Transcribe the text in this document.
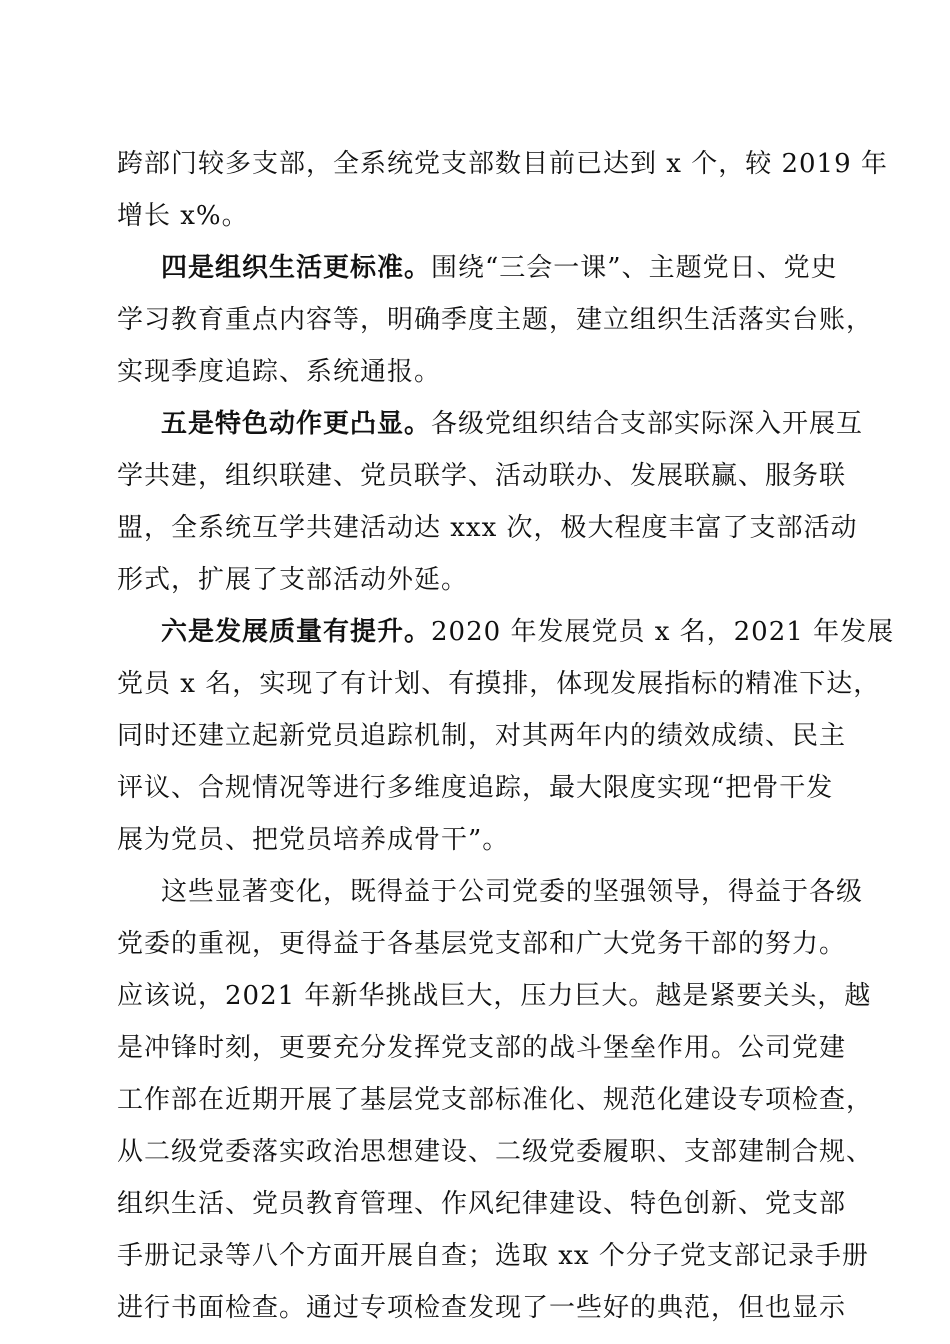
跨部门较多支部，全系统党支部数目前已达到 x 个，较 2019 年
增长 x%。
四是组织生活更标准。围绕“三会一课”、主题党日、党史
学习教育重点内容等，明确季度主题，建立组织生活落实台账，
实现季度追踪、系统通报。
五是特色动作更凸显。各级党组织结合支部实际深入开展互
学共建，组织联建、党员联学、活动联办、发展联赢、服务联
盟，全系统互学共建活动达 xxx 次，极大程度丰富了支部活动
形式，扩展了支部活动外延。
六是发展质量有提升。2020 年发展党员 x 名，2021 年发展
党员 x 名，实现了有计划、有摸排，体现发展指标的精准下达，
同时还建立起新党员追踪机制，对其两年内的绩效成绩、民主
评议、合规情况等进行多维度追踪，最大限度实现“把骨干发
展为党员、把党员培养成骨干”。
这些显著变化，既得益于公司党委的坚强领导，得益于各级
党委的重视，更得益于各基层党支部和广大党务干部的努力。
应该说，2021 年新华挑战巨大，压力巨大。越是紧要关头，越
是冲锋时刻，更要充分发挥党支部的战斗堡垒作用。公司党建
工作部在近期开展了基层党支部标准化、规范化建设专项检查，
从二级党委落实政治思想建设、二级党委履职、支部建制合规、
组织生活、党员教育管理、作风纪律建设、特色创新、党支部
手册记录等八个方面开展自查；选取 xx 个分子党支部记录手册
进行书面检查。通过专项检查发现了一些好的典范，但也显示
